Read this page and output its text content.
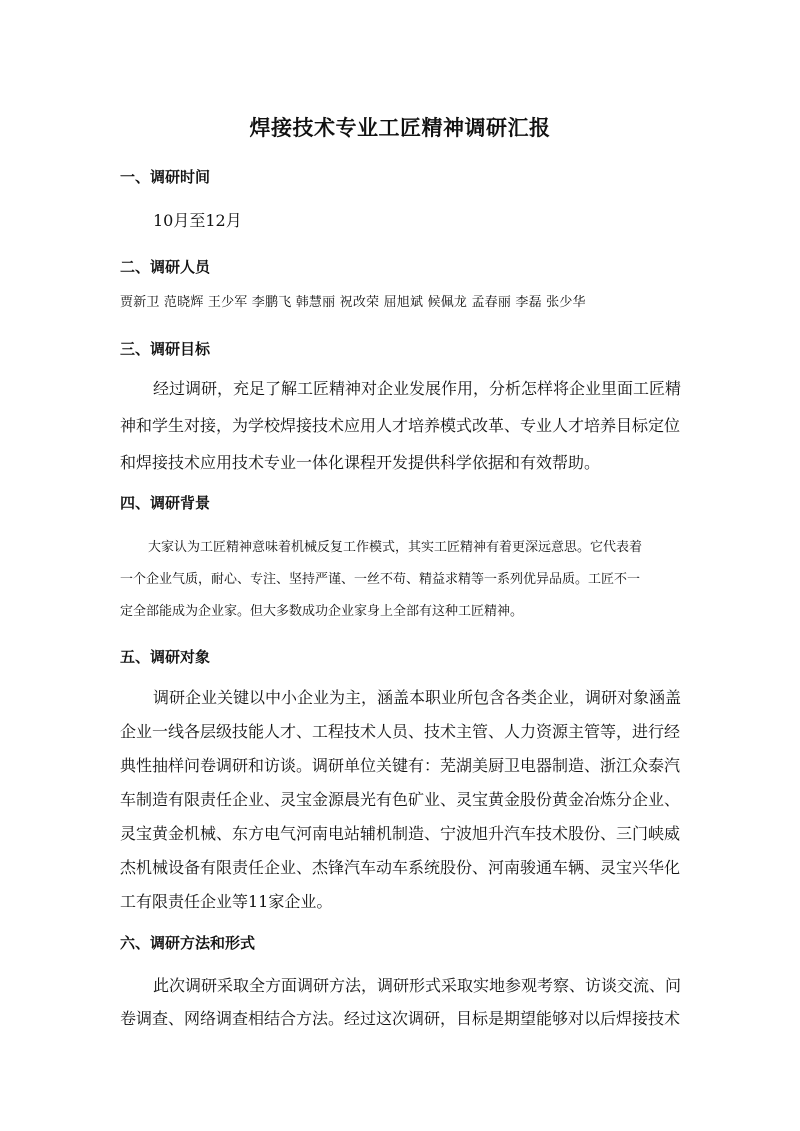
焊接技术专业工匠精神调研汇报
一、调研时间
10月至12月
二、调研人员
贾新卫 范晓辉 王少军 李鹏飞 韩慧丽 祝改荣 屈旭斌 候佩龙 孟春丽 李磊 张少华
三、调研目标
经过调研，充足了解工匠精神对企业发展作用，分析怎样将企业里面工匠精
神和学生对接，为学校焊接技术应用人才培养模式改革、专业人才培养目标定位
和焊接技术应用技术专业一体化课程开发提供科学依据和有效帮助。
四、调研背景
大家认为工匠精神意味着机械反复工作模式，其实工匠精神有着更深远意思。它代表着
一个企业气质，耐心、专注、坚持严谨、一丝不苟、精益求精等一系列优异品质。工匠不一
定全部能成为企业家。但大多数成功企业家身上全部有这种工匠精神。
五、调研对象
调研企业关键以中小企业为主，涵盖本职业所包含各类企业，调研对象涵盖
企业一线各层级技能人才、工程技术人员、技术主管、人力资源主管等，进行经
典性抽样问卷调研和访谈。调研单位关键有：芜湖美厨卫电器制造、浙江众泰汽
车制造有限责任企业、灵宝金源晨光有色矿业、灵宝黄金股份黄金冶炼分企业、
灵宝黄金机械、东方电气河南电站辅机制造、宁波旭升汽车技术股份、三门峡威
杰机械设备有限责任企业、杰锋汽车动车系统股份、河南骏通车辆、灵宝兴华化
工有限责任企业等11家企业。
六、调研方法和形式
此次调研采取全方面调研方法，调研形式采取实地参观考察、访谈交流、问
卷调查、网络调查相结合方法。经过这次调研，目标是期望能够对以后焊接技术
